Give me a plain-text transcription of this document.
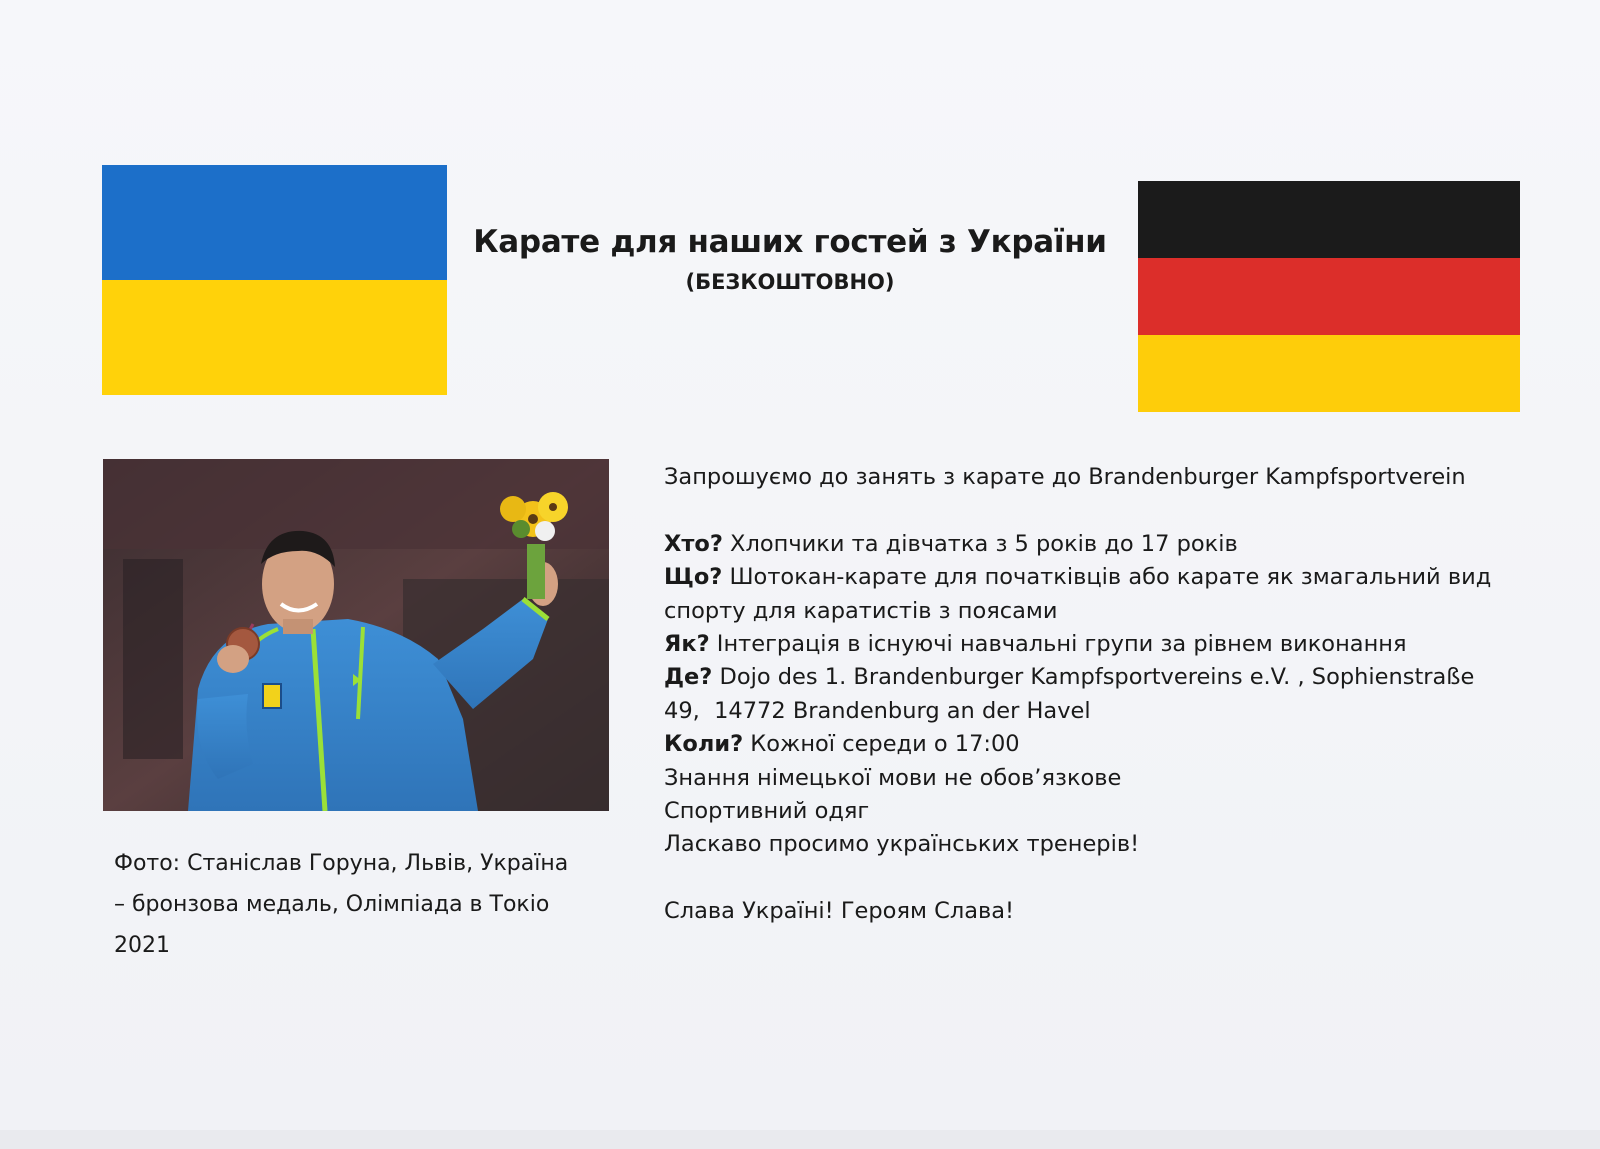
Карате для наших гостей з України
(БЕЗКОШТОВНО)
Фото: Станіслав Горуна, Львів, Україна
– бронзова медаль, Олімпіада в Токіо
2021

Запрошуємо до занять з карате до Brandenburger Kampfsportverein

Хто? Хлопчики та дівчатка з 5 років до 17 років

Що? Шотокан-карате для початківців або карате як змагальний вид

спорту для каратистів з поясами

Як? Інтеграція в існуючі навчальні групи за рівнем виконання

Де? Dojo des 1. Brandenburger Kampfsportvereins e.V. , Sophienstraße

49,  14772 Brandenburg an der Havel

Коли? Кожної середи о 17:00

Знання німецької мови не обов’язкове

Спортивний одяг

Ласкаво просимо українських тренерів!

Слава Україні! Героям Слава!
